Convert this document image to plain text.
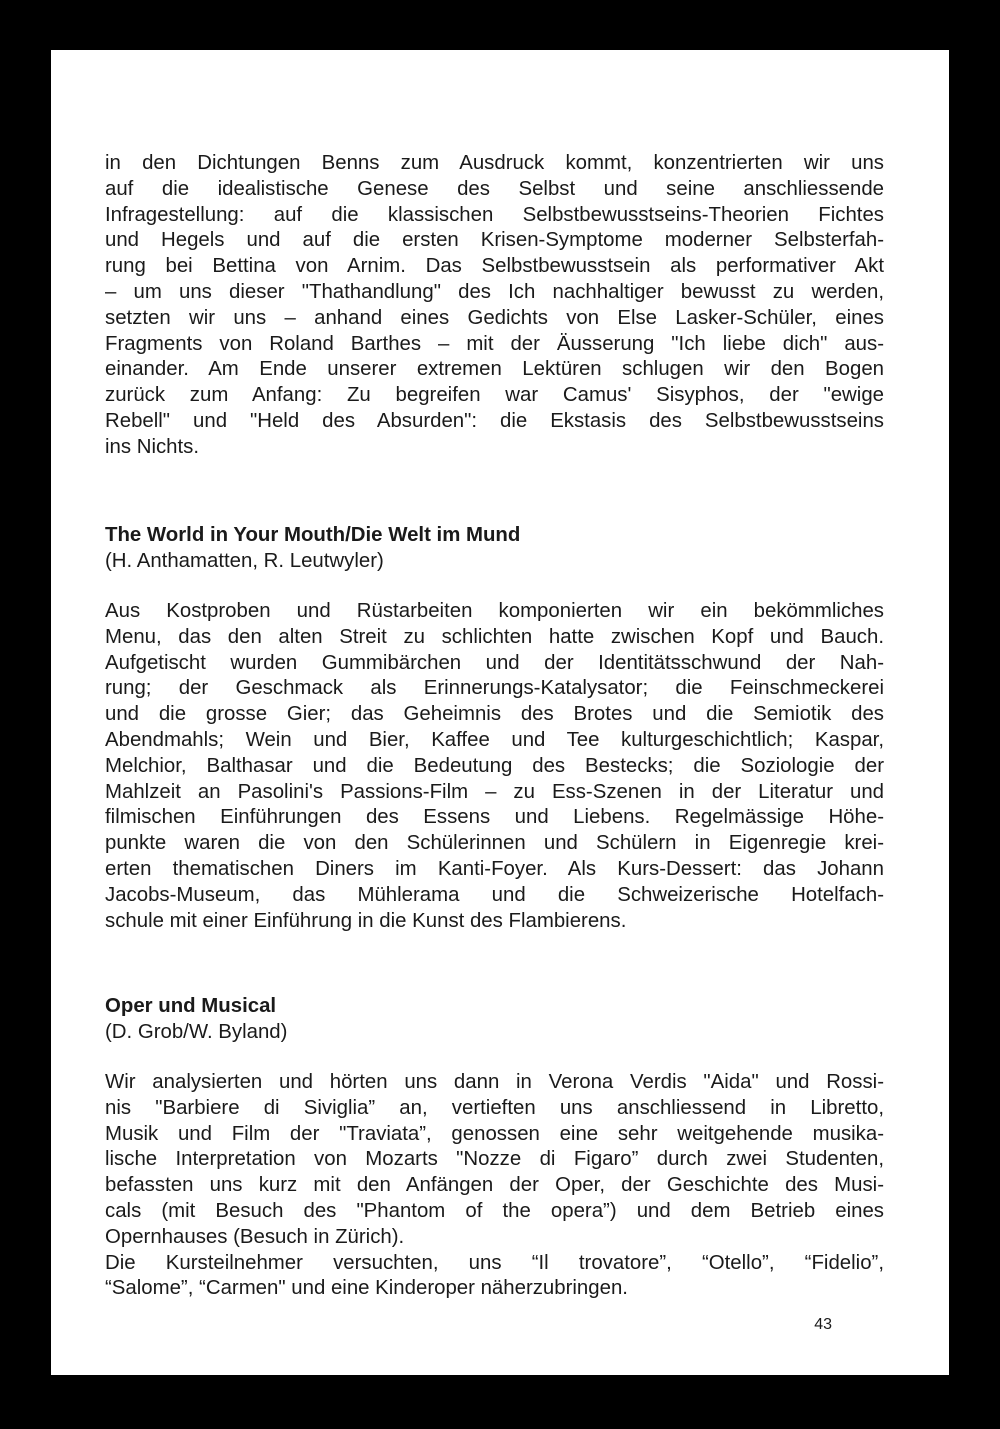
in den Dichtungen Benns zum Ausdruck kommt, konzentrierten wir uns
auf die idealistische Genese des Selbst und seine anschliessende
Infragestellung: auf die klassischen Selbstbewusstseins-Theorien Fichtes
und Hegels und auf die ersten Krisen-Symptome moderner Selbsterfah-
rung bei Bettina von Arnim. Das Selbstbewusstsein als performativer Akt
– um uns dieser "Thathandlung" des Ich nachhaltiger bewusst zu werden,
setzten wir uns – anhand eines Gedichts von Else Lasker-Schüler, eines
Fragments von Roland Barthes – mit der Äusserung "Ich liebe dich" aus-
einander. Am Ende unserer extremen Lektüren schlugen wir den Bogen
zurück zum Anfang: Zu begreifen war Camus' Sisyphos, der "ewige
Rebell" und "Held des Absurden": die Ekstasis des Selbstbewusstseins
ins Nichts.

The World in Your Mouth/Die Welt im Mund

(H. Anthamatten, R. Leutwyler)

Aus Kostproben und Rüstarbeiten komponierten wir ein bekömmliches
Menu, das den alten Streit zu schlichten hatte zwischen Kopf und Bauch.
Aufgetischt wurden Gummibärchen und der Identitätsschwund der Nah-
rung; der Geschmack als Erinnerungs-Katalysator; die Feinschmeckerei
und die grosse Gier; das Geheimnis des Brotes und die Semiotik des
Abendmahls; Wein und Bier, Kaffee und Tee kulturgeschichtlich; Kaspar,
Melchior, Balthasar und die Bedeutung des Bestecks; die Soziologie der
Mahlzeit an Pasolini's Passions-Film – zu Ess-Szenen in der Literatur und
filmischen Einführungen des Essens und Liebens. Regelmässige Höhe-
punkte waren die von den Schülerinnen und Schülern in Eigenregie krei-
erten thematischen Diners im Kanti-Foyer. Als Kurs-Dessert: das Johann
Jacobs-Museum, das Mühlerama und die Schweizerische Hotelfach-
schule mit einer Einführung in die Kunst des Flambierens.

Oper und Musical

(D. Grob/W. Byland)

Wir analysierten und hörten uns dann in Verona Verdis "Aida" und Rossi-
nis "Barbiere di Siviglia” an, vertieften uns anschliessend in Libretto,
Musik und Film der "Traviata”, genossen eine sehr weitgehende musika-
lische Interpretation von Mozarts "Nozze di Figaro” durch zwei Studenten,
befassten uns kurz mit den Anfängen der Oper, der Geschichte des Musi-
cals (mit Besuch des "Phantom of the opera”) und dem Betrieb eines
Opernhauses (Besuch in Zürich).
Die Kursteilnehmer versuchten, uns “Il trovatore”, “Otello”, “Fidelio”,
“Salome”, “Carmen" und eine Kinderoper näherzubringen.

43
